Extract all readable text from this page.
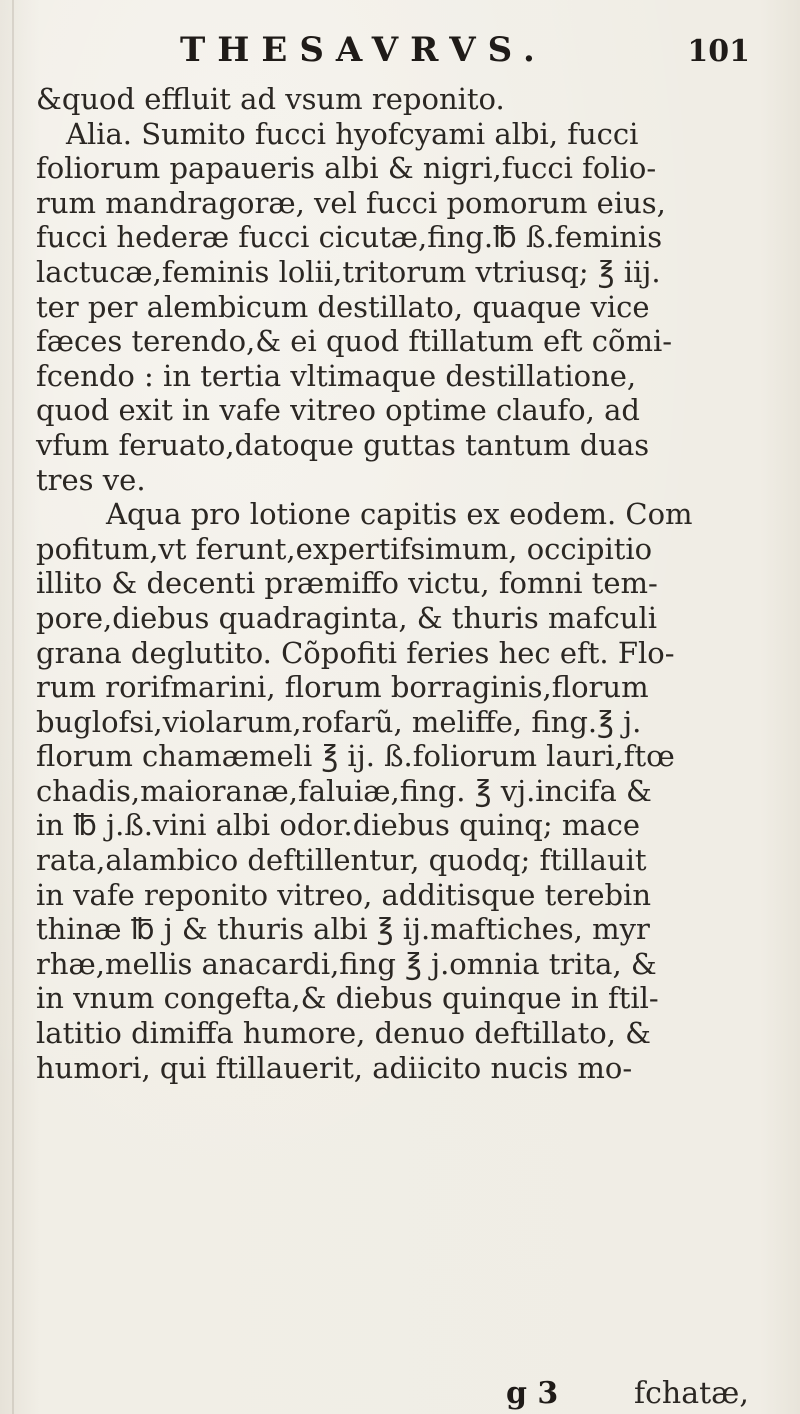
THESAVRVS.	101
&quod effluit ad vsum reponito.
Alia. Sumito fucci hyofcyami albi, fucci
foliorum papaueris albi & nigri,fucci folio-
rum mandragoræ, vel fucci pomorum eius,
fucci hederæ fucci cicutæ,fing.℔ ß.feminis
lactucæ,feminis lolii,tritorum vtriusq; ℥ iij.
ter per alembicum destillato, quaque vice
fæces terendo,& ei quod ftillatum eft cõmi-
fcendo : in tertia vltimaque destillatione,
quod exit in vafe vitreo optime claufo, ad
vfum feruato,datoque guttas tantum duas
tres ve.
Aqua pro lotione capitis ex eodem. Com
pofitum,vt ferunt,expertifsimum, occipitio
illito & decenti præmiffo victu, fomni tem-
pore,diebus quadraginta, & thuris mafculi
grana deglutito. Cõpofiti feries hec eft. Flo-
rum rorifmarini, florum borraginis,florum
buglofsi,violarum,rofarũ, meliffe, fing.℥ j.
florum chamæmeli ℥ ij. ß.foliorum lauri,ftœ
chadis,maioranæ,faluiæ,fing. ℥ vj.incifa &
in ℔ j.ß.vini albi odor.diebus quinq; mace
rata,alambico deftillentur, quodq; ftillauit
in vafe reponito vitreo, additisque terebin
thinæ ℔ j & thuris albi ℥ ij.maftiches, myr
rhæ,mellis anacardi,fing ℥ j.omnia trita, &
in vnum congefta,& diebus quinque in ftil-
latitio dimiffa humore, denuo deftillato, &
humori, qui ftillauerit, adiicito nucis mo-
g 3	fchatæ,
